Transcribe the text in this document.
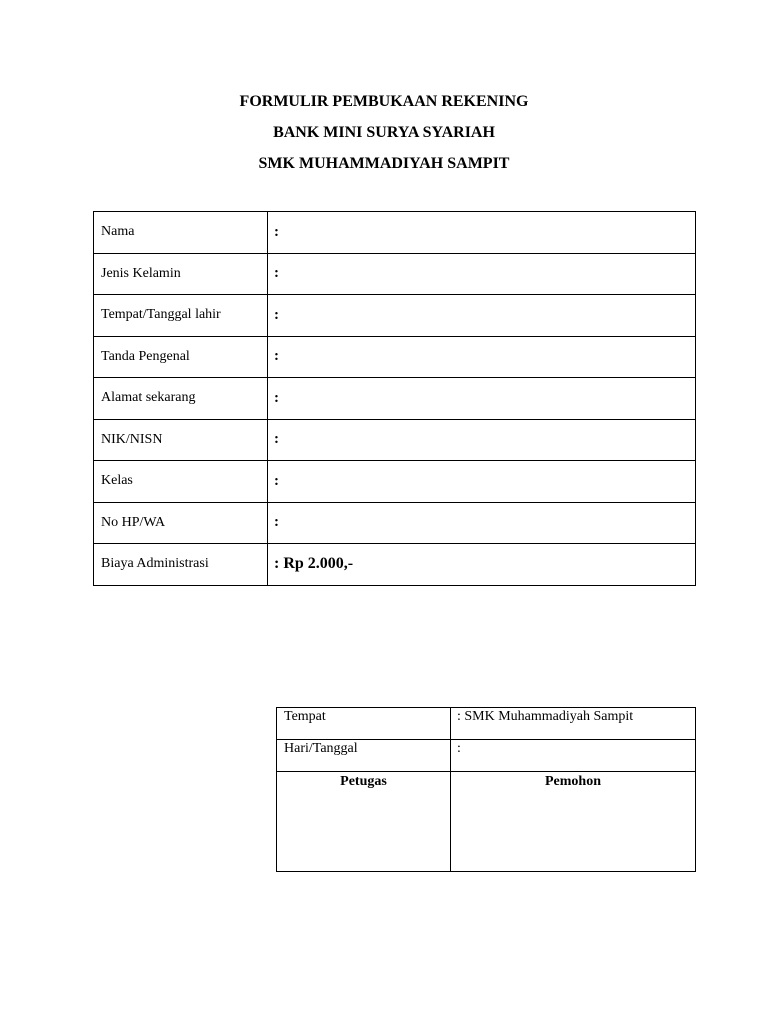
FORMULIR PEMBUKAAN REKENING

BANK MINI SURYA SYARIAH

SMK MUHAMMADIYAH SAMPIT

Nama	:
Jenis Kelamin	:
Tempat/Tanggal lahir	:
Tanda Pengenal	:
Alamat sekarang	:
NIK/NISN	:
Kelas	:
No HP/WA	:
Biaya Administrasi	: Rp 2.000,-
Tempat	: SMK Muhammadiyah Sampit
Hari/Tanggal	:
Petugas	Pemohon
